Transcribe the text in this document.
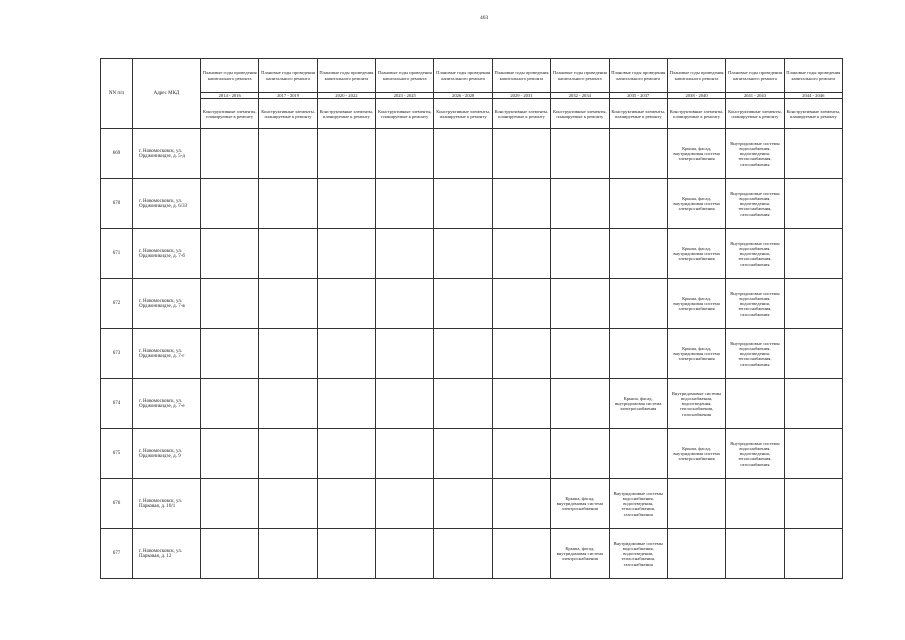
463
NN п/п	Адрес МКД	Плановые годы проведения капитального ремонта	Плановые годы проведения капитального ремонта	Плановые годы проведения капитального ремонта	Плановые годы проведения капитального ремонта	Плановые годы проведения капитального ремонта	Плановые годы проведения капитального ремонта	Плановые годы проведения капитального ремонта	Плановые годы проведения капитального ремонта	Плановые годы проведения капитального ремонта	Плановые годы проведения капитального ремонта	Плановые годы проведения капитального ремонта
		2014 - 2016	2017 - 2019	2020 - 2022	2023 - 2025	2026 - 2028	2029 - 2031	2032 - 2034	2035 - 2037	2038 - 2040	2041 - 2043	2044 - 2046
		Конструктивные элементы, планируемые к ремонту	Конструктивные элементы, планируемые к ремонту	Конструктивные элементы, планируемые к ремонту	Конструктивные элементы, планируемые к ремонту	Конструктивные элементы, планируемые к ремонту	Конструктивные элементы, планируемые к ремонту	Конструктивные элементы, планируемые к ремонту	Конструктивные элементы, планируемые к ремонту	Конструктивные элементы, планируемые к ремонту	Конструктивные элементы, планируемые к ремонту	Конструктивные элементы, планируемые к ремонту
669	г. Новомосковск, ул. Орджоникидзе, д. 5-д									Крыша, фасад, внутридомовая система электроснабжения	Внутридомовые системы водоснабжения, водоотведения, теплоснабжения, газоснабжения	
670	г. Новомосковск, ул. Орджоникидзе, д. 6/33									Крыша, фасад, внутридомовая система электроснабжения	Внутридомовые системы водоснабжения, водоотведения, теплоснабжения, газоснабжения	
671	г. Новомосковск, ул. Орджоникидзе, д. 7-б									Крыша, фасад, внутридомовая система электроснабжения	Внутридомовые системы водоснабжения, водоотведения, теплоснабжения, газоснабжения	
672	г. Новомосковск, ул. Орджоникидзе, д. 7-в									Крыша, фасад, внутридомовая система электроснабжения	Внутридомовые системы водоснабжения, водоотведения, теплоснабжения, газоснабжения	
673	г. Новомосковск, ул. Орджоникидзе, д. 7-г									Крыша, фасад, внутридомовая система электроснабжения	Внутридомовые системы водоснабжения, водоотведения, теплоснабжения, газоснабжения	
674	г. Новомосковск, ул. Орджоникидзе, д. 7-е								Крыша, фасад, внутридомовая система электроснабжения	Внутридомовые системы водоснабжения, водоотведения, теплоснабжения, газоснабжения		
675	г. Новомосковск, ул. Орджоникидзе, д. 9									Крыша, фасад, внутридомовая система электроснабжения	Внутридомовые системы водоснабжения, водоотведения, теплоснабжения, газоснабжения	
676	г. Новомосковск, ул. Парковая, д. 10/1							Крыша, фасад, внутридомовая система электроснабжения	Внутридомовые системы водоснабжения, водоотведения, теплоснабжения, газоснабжения			
677	г. Новомосковск, ул. Парковая, д. 12							Крыша, фасад, внутридомовая система электроснабжения	Внутридомовые системы водоснабжения, водоотведения, теплоснабжения, газоснабжения			
